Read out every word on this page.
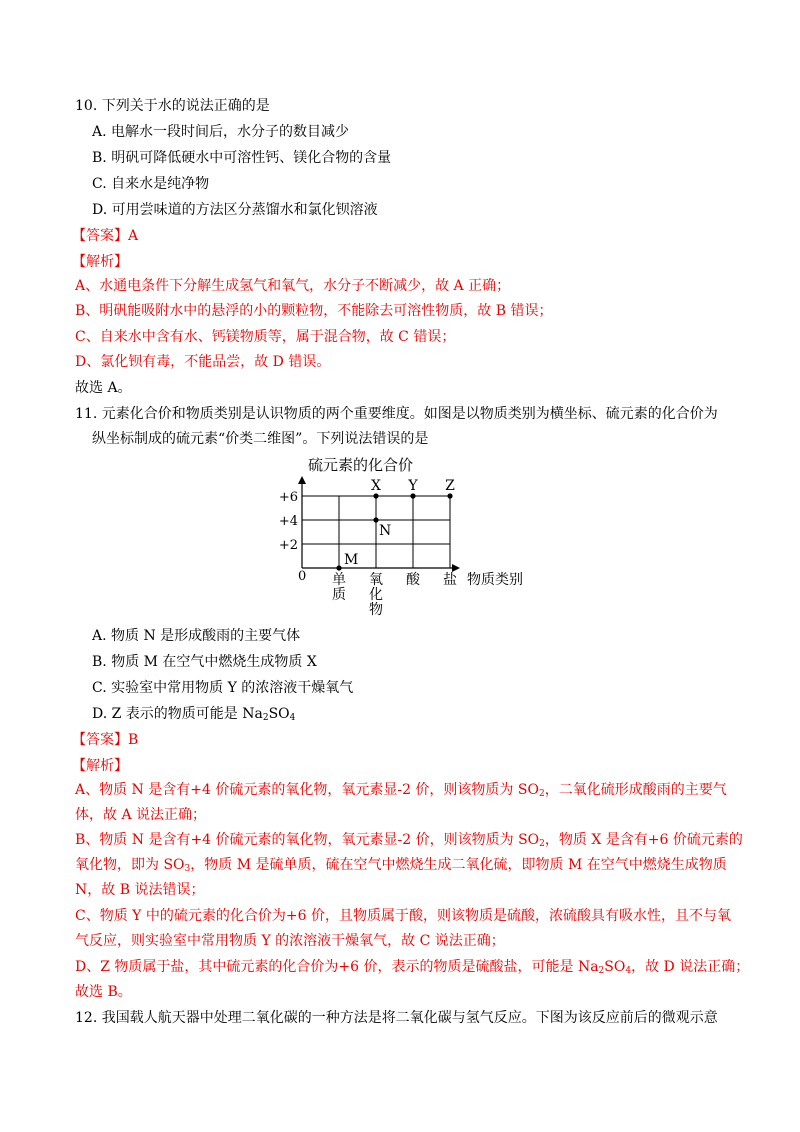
10. 下列关于水的说法正确的是
A. 电解水一段时间后，水分子的数目减少
B. 明矾可降低硬水中可溶性钙、镁化合物的含量
C. 自来水是纯净物
D. 可用尝味道的方法区分蒸馏水和氯化钡溶液
【答案】A
【解析】
A、水通电条件下分解生成氢气和氧气，水分子不断减少，故 A 正确；
B、明矾能吸附水中的悬浮的小的颗粒物，不能除去可溶性物质，故 B 错误；
C、自来水中含有水、钙镁物质等，属于混合物，故 C 错误；
D、氯化钡有毒，不能品尝，故 D 错误。
故选 A。
11. 元素化合价和物质类别是认识物质的两个重要维度。如图是以物质类别为横坐标、硫元素的化合价为
纵坐标制成的硫元素“价类二维图”。下列说法错误的是
硫元素的化合价
+2
+4
+6
单
质
氧
化
物
酸 盐
M
N
X Y Z
物质类别
0
A. 物质 N 是形成酸雨的主要气体
B. 物质 M 在空气中燃烧生成物质 X
C. 实验室中常用物质 Y 的浓溶液干燥氧气
D. Z 表示的物质可能是 $Na_2SO_4$
【答案】B
【解析】
A、物质 N 是含有+4 价硫元素的氧化物，氧元素显-2 价，则该物质为 $SO_2$，二氧化硫形成酸雨的主要气
体，故 A 说法正确；
B、物质 N 是含有+4 价硫元素的氧化物，氧元素显-2 价，则该物质为 $SO_2$，物质 X 是含有+6 价硫元素的
氧化物，即为 $SO_3$，物质 M 是硫单质，硫在空气中燃烧生成二氧化硫，即物质 M 在空气中燃烧生成物质
N，故 B 说法错误；
C、物质 Y 中的硫元素的化合价为+6 价，且物质属于酸，则该物质是硫酸，浓硫酸具有吸水性，且不与氧
气反应，则实验室中常用物质 Y 的浓溶液干燥氧气，故 C 说法正确；
D、Z 物质属于盐，其中硫元素的化合价为+6 价，表示的物质是硫酸盐，可能是 $Na_2SO_4$，故 D 说法正确；
故选 B。
12. 我国载人航天器中处理二氧化碳的一种方法是将二氧化碳与氢气反应。下图为该反应前后的微观示意
